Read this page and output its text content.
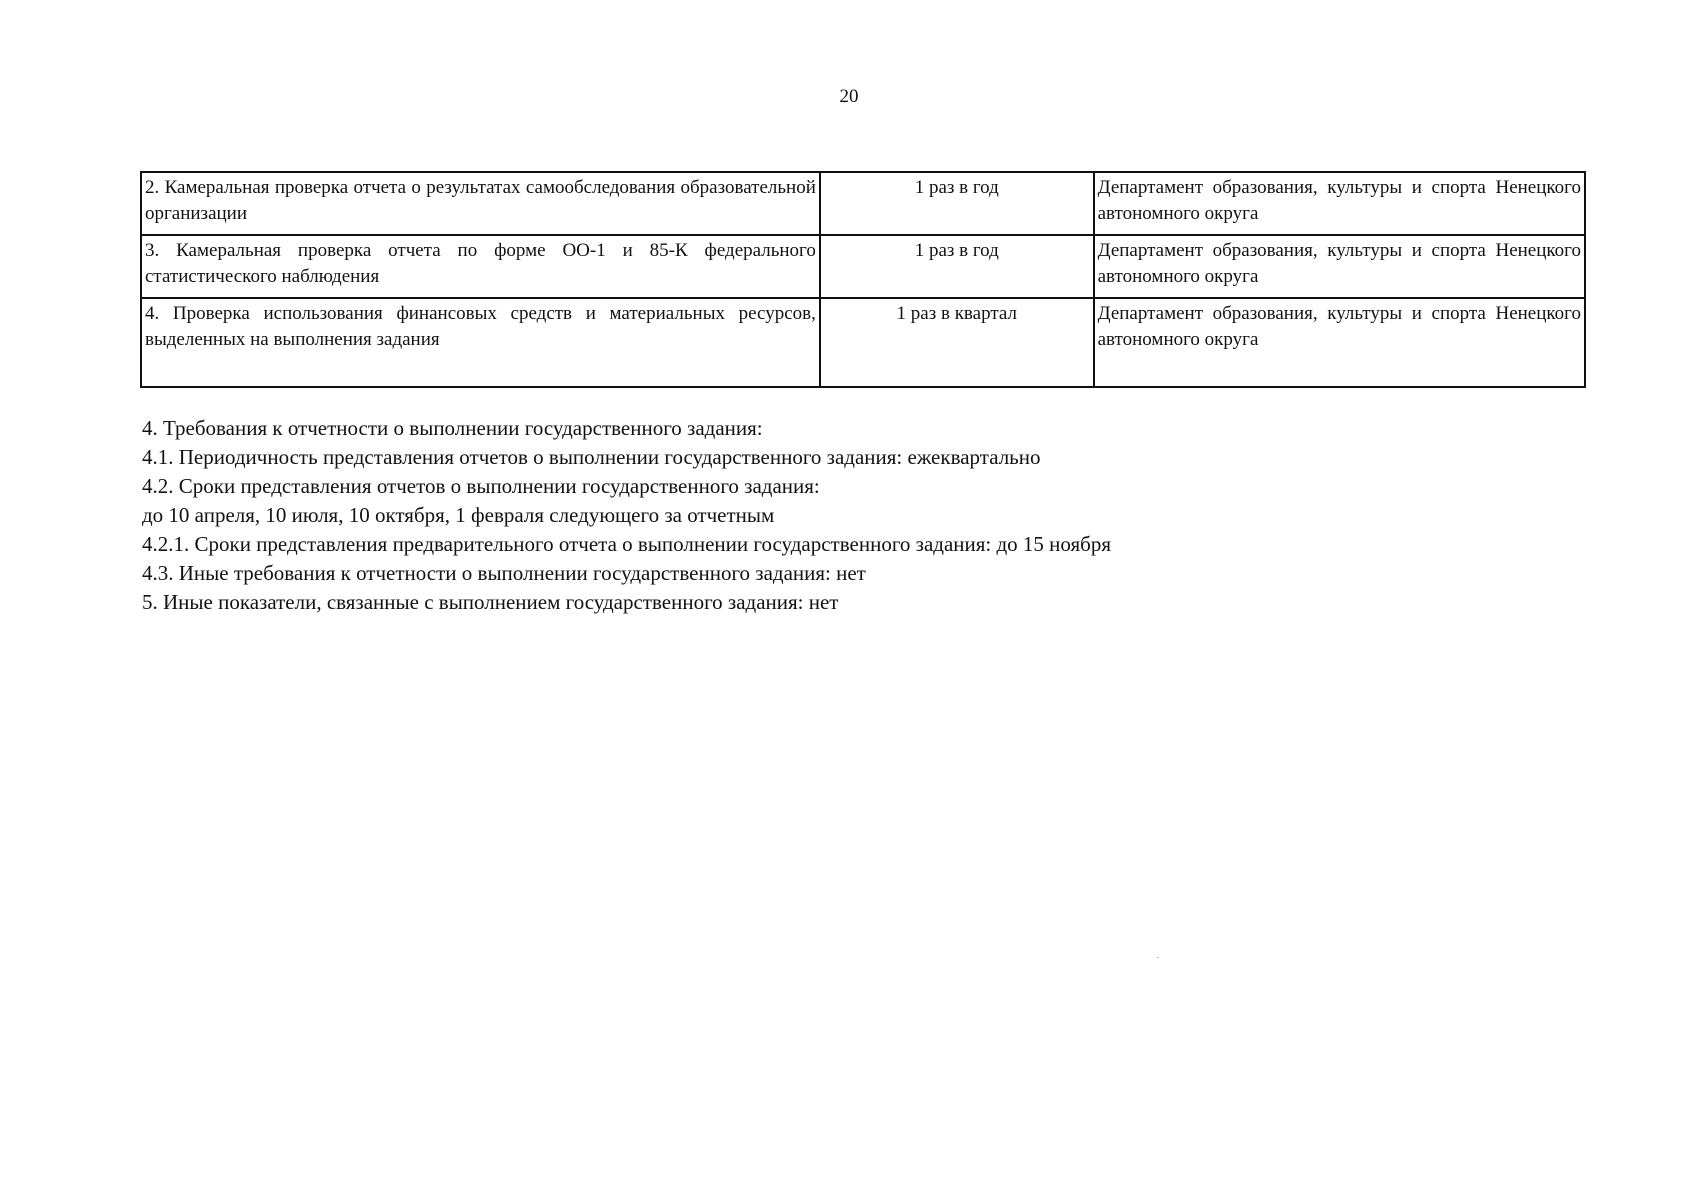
20
2. Камеральная проверка отчета о результатах самообследования образовательной организации	1 раз в год	Департамент образования, культуры и спорта Ненецкого автономного округа
3. Камеральная проверка отчета по форме ОО-1 и 85-К федерального статистического наблюдения	1 раз в год	Департамент образования, культуры и спорта Ненецкого автономного округа
4. Проверка использования финансовых средств и материальных ресурсов, выделенных на выполнения задания	1 раз в квартал	Департамент образования, культуры и спорта Ненецкого автономного округа
4. Требования к отчетности о выполнении государственного задания:
4.1. Периодичность представления отчетов о выполнении государственного задания: ежеквартально
4.2. Сроки представления отчетов о выполнении государственного задания:
до 10 апреля, 10 июля, 10 октября, 1 февраля следующего за отчетным
4.2.1. Сроки представления предварительного отчета о выполнении государственного задания: до 15 ноября
4.3. Иные требования к отчетности о выполнении государственного задания: нет
5. Иные показатели, связанные с выполнением государственного задания: нет
